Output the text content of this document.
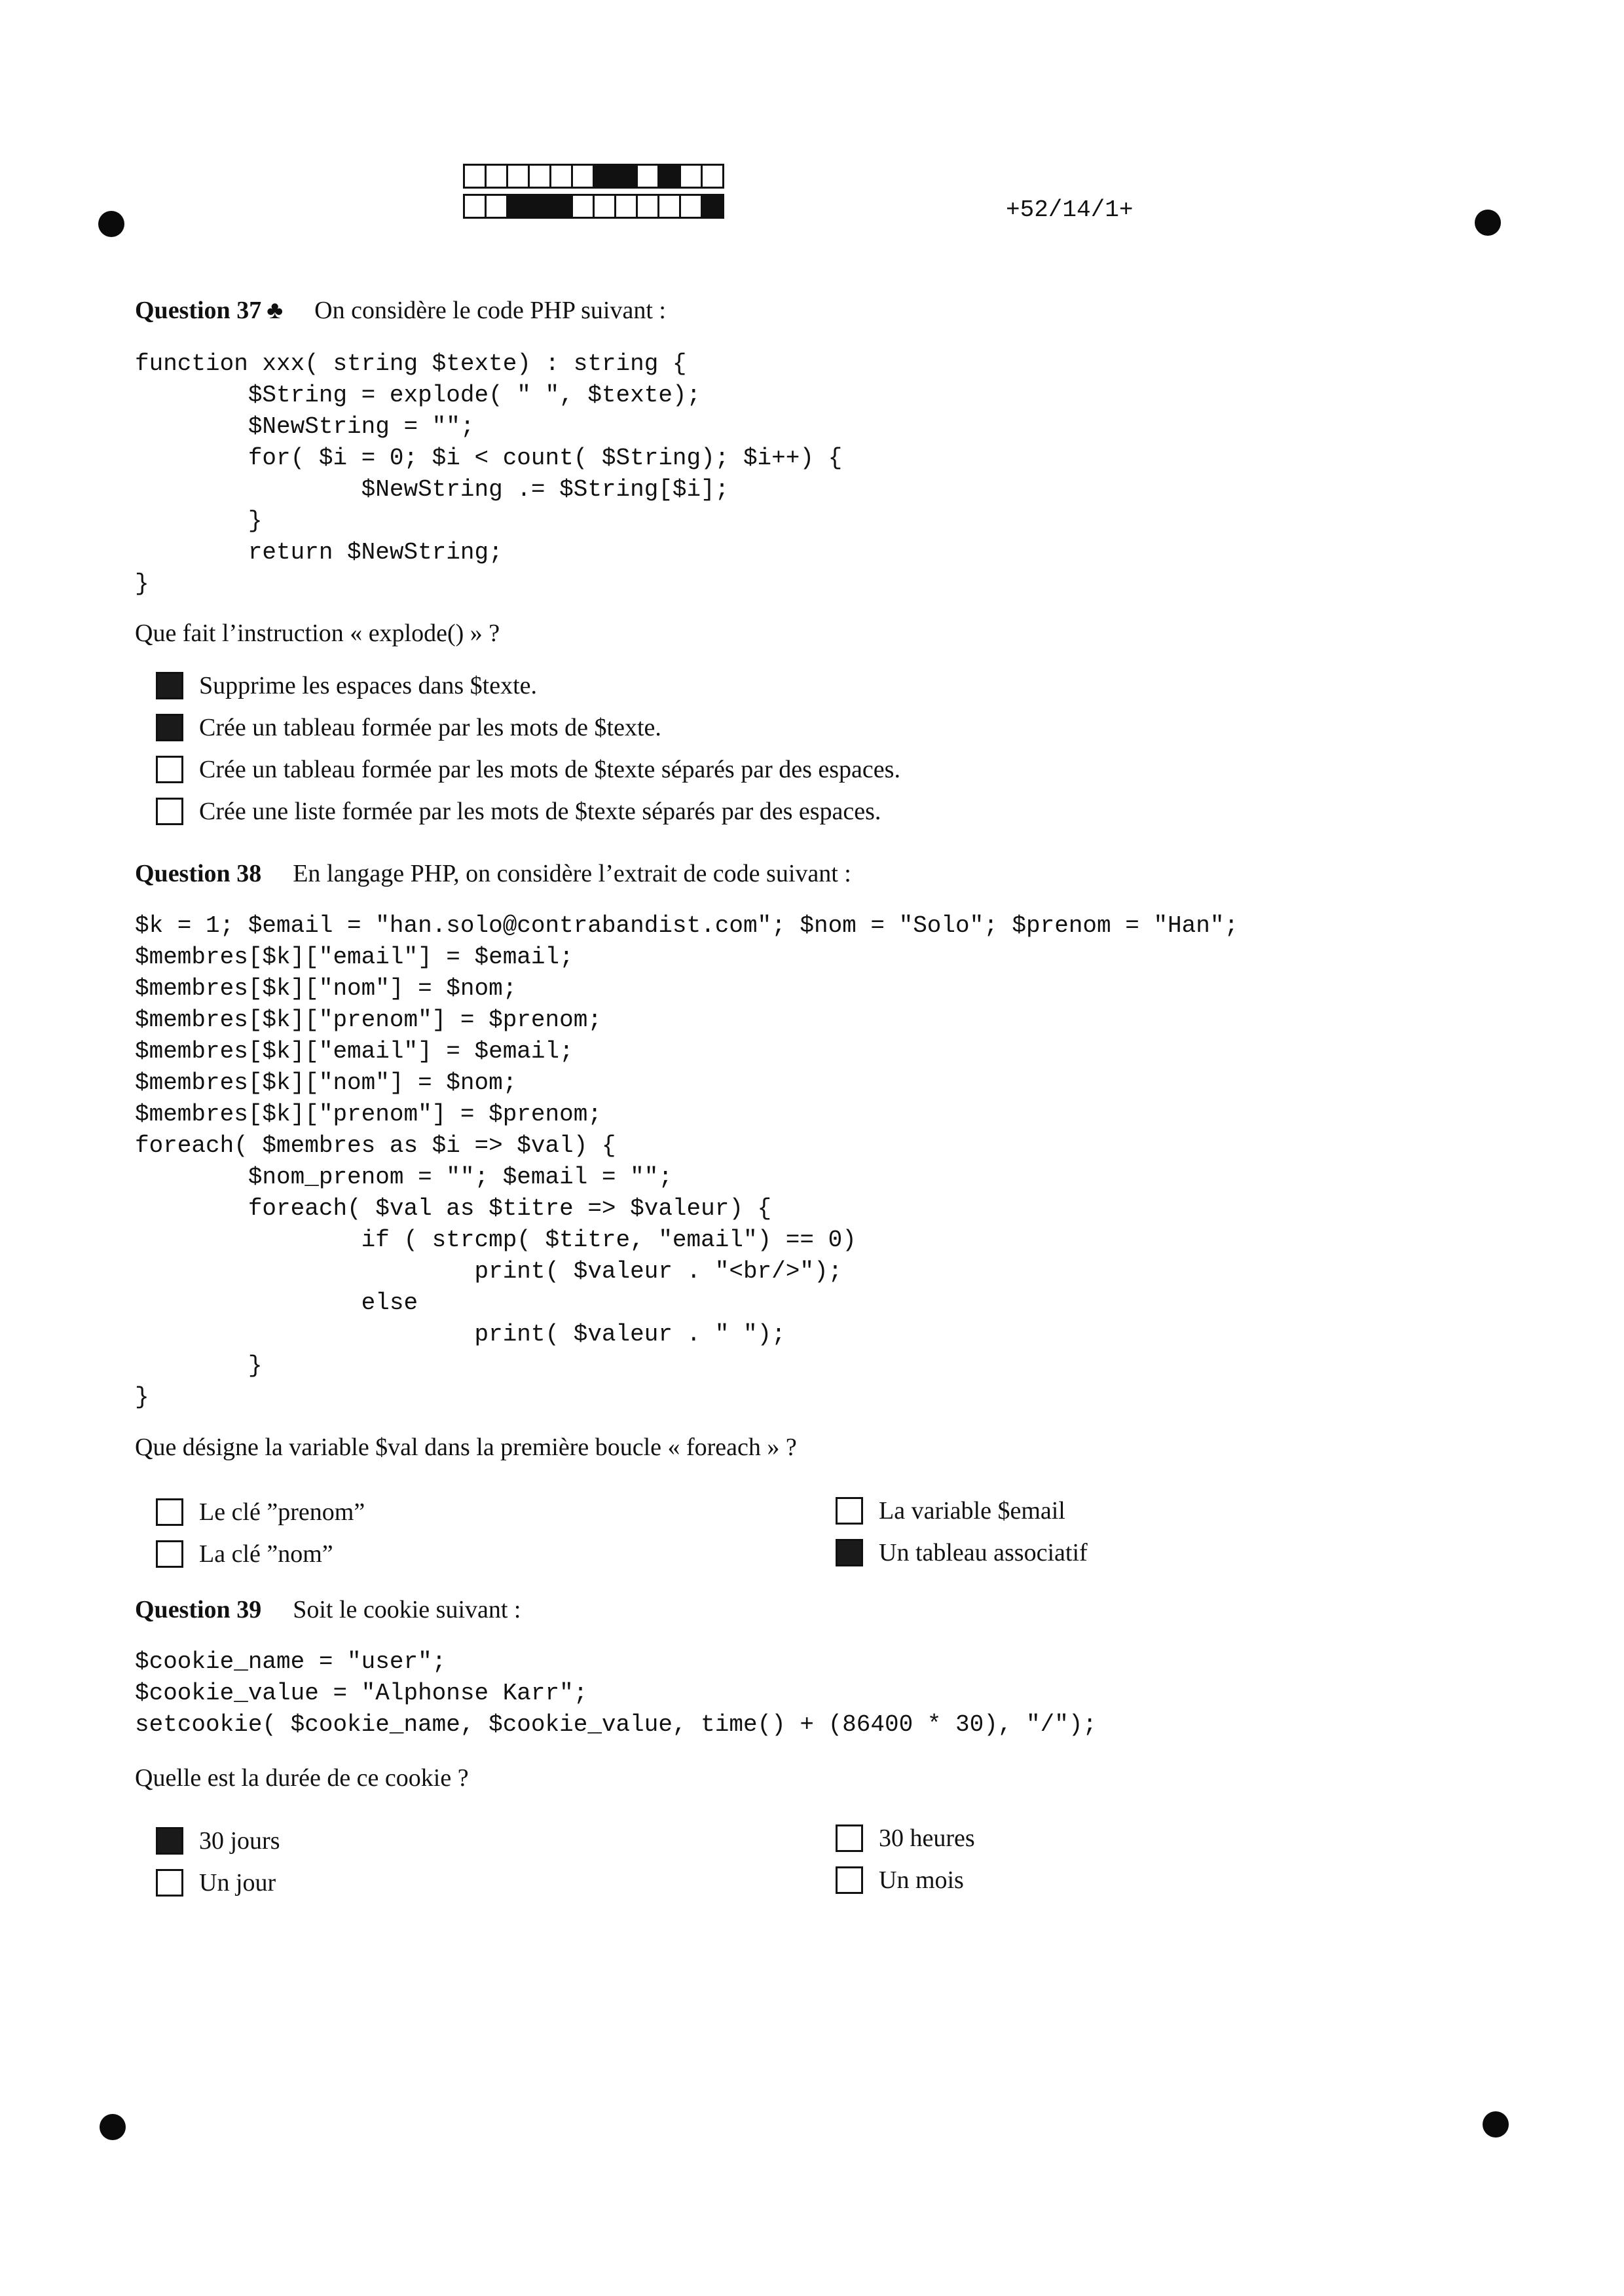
+52/14/1+
Question 37 ♣ On considère le code PHP suivant :
function xxx( string $texte) : string {
$String = explode( " ", $texte);
$NewString = "";
for( $i = 0; $i < count( $String); $i++) {
$NewString .= $String[$i];
}
return $NewString;
}
Que fait l’instruction « explode() » ?
Supprime les espaces dans $texte.
Crée un tableau formée par les mots de $texte.
Crée un tableau formée par les mots de $texte séparés par des espaces.
Crée une liste formée par les mots de $texte séparés par des espaces.
Question 38 En langage PHP, on considère l’extrait de code suivant :
$k = 1; $email = "han.solo@contrabandist.com"; $nom = "Solo"; $prenom = "Han";
$membres[$k]["email"] = $email;
$membres[$k]["nom"] = $nom;
$membres[$k]["prenom"] = $prenom;
$membres[$k]["email"] = $email;
$membres[$k]["nom"] = $nom;
$membres[$k]["prenom"] = $prenom;
foreach( $membres as $i => $val) {
$nom_prenom = ""; $email = "";
foreach( $val as $titre => $valeur) {
if ( strcmp( $titre, "email") == 0)
print( $valeur . "<br/>");
else
print( $valeur . " ");
}
}
Que désigne la variable $val dans la première boucle « foreach » ?
Le clé ”prenom”
La clé ”nom”
La variable $email
Un tableau associatif
Question 39 Soit le cookie suivant :
$cookie_name = "user";
$cookie_value = "Alphonse Karr";
setcookie( $cookie_name, $cookie_value, time() + (86400 * 30), "/");
Quelle est la durée de ce cookie ?
30 jours
Un jour
30 heures
Un mois
